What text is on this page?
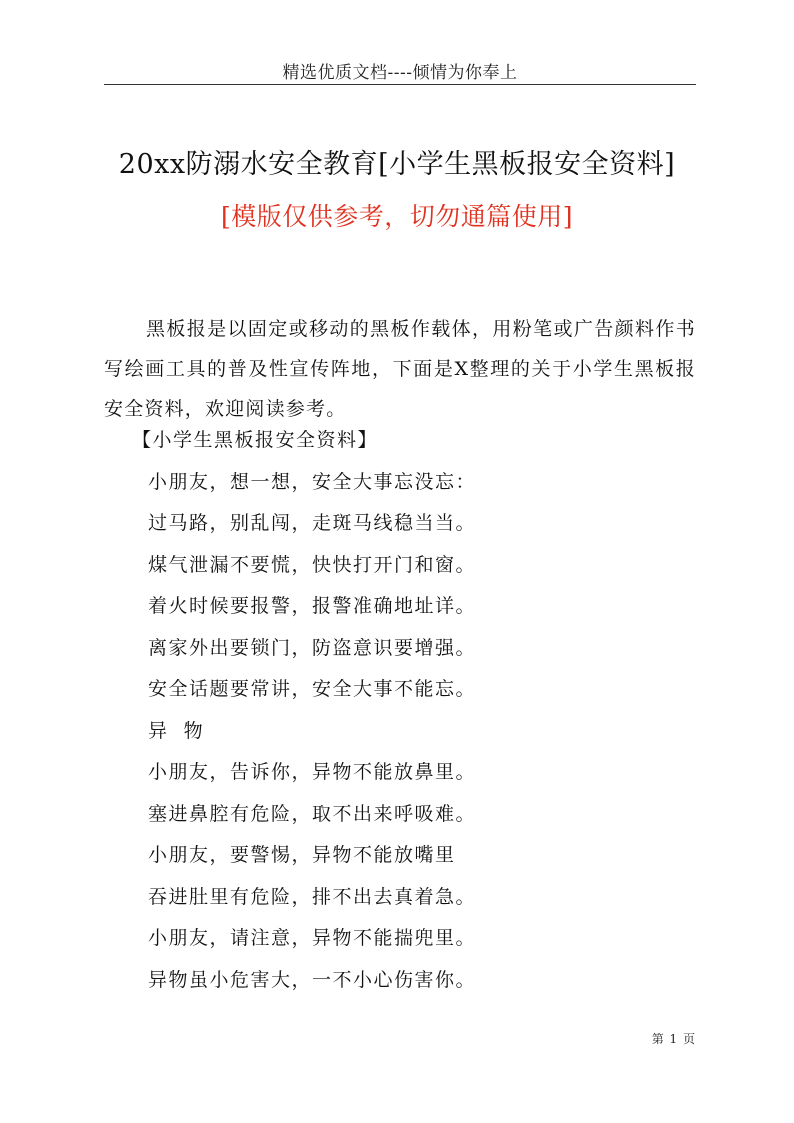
精选优质文档----倾情为你奉上
20xx防溺水安全教育[小学生黑板报安全资料]
[模版仅供参考，切勿通篇使用]

黑板报是以固定或移动的黑板作载体，用粉笔或广告颜料作书写绘画工具的普及性宣传阵地，下面是X整理的关于小学生黑板报安全资料，欢迎阅读参考。

【小学生黑板报安全资料】
小朋友，想一想，安全大事忘没忘：
过马路，别乱闯，走斑马线稳当当。
煤气泄漏不要慌，快快打开门和窗。
着火时候要报警，报警准确地址详。
离家外出要锁门，防盗意识要增强。
安全话题要常讲，安全大事不能忘。
异  物
小朋友，告诉你，异物不能放鼻里。
塞进鼻腔有危险，取不出来呼吸难。
小朋友，要警惕，异物不能放嘴里
吞进肚里有危险，排不出去真着急。
小朋友，请注意，异物不能揣兜里。
异物虽小危害大，一不小心伤害你。
第 1 页
